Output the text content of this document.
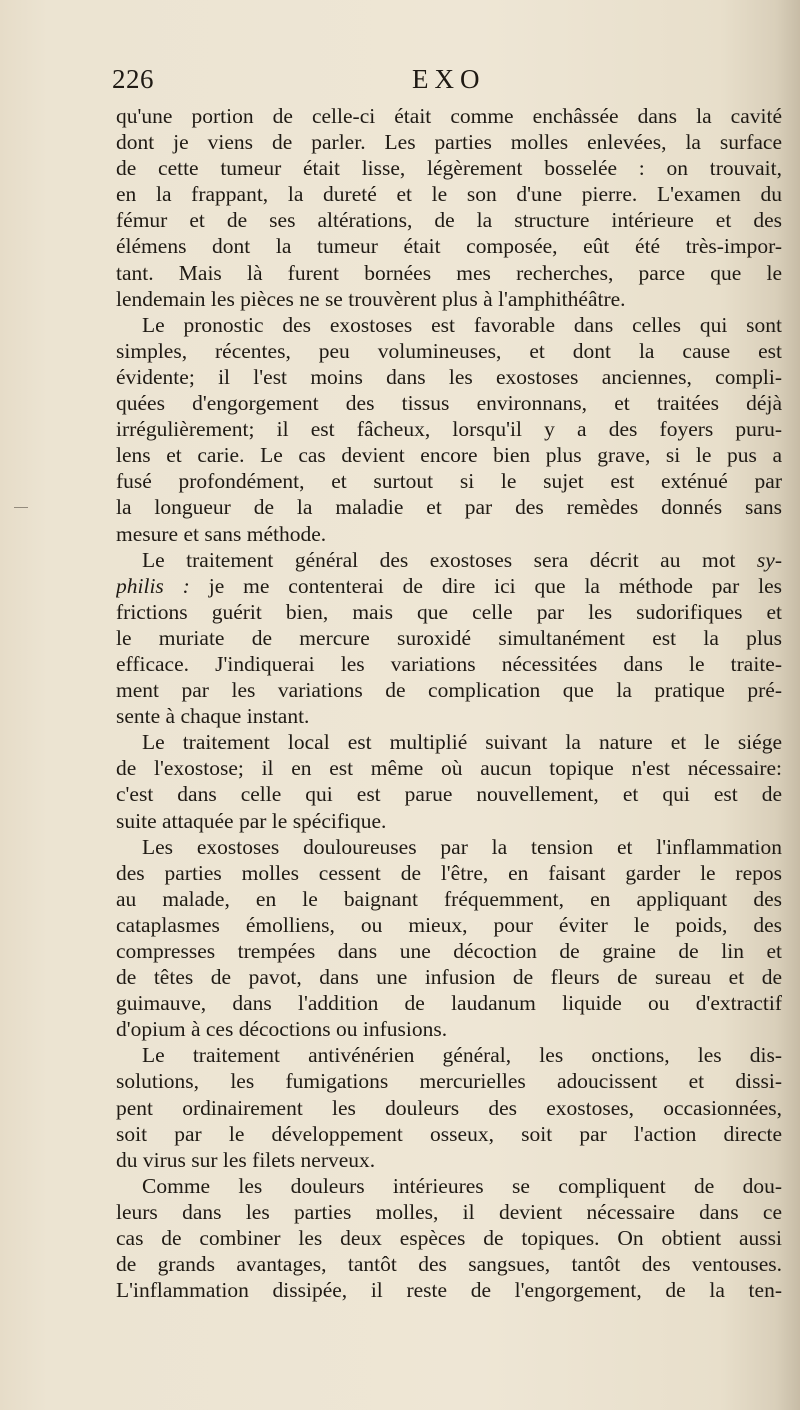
226	EXO
qu'une portion de celle-ci était comme enchâssée dans la cavité
dont je viens de parler. Les parties molles enlevées, la surface
de cette tumeur était lisse, légèrement bosselée : on trouvait,
en la frappant, la dureté et le son d'une pierre. L'examen du
fémur et de ses altérations, de la structure intérieure et des
élémens dont la tumeur était composée, eût été très-impor-
tant. Mais là furent bornées mes recherches, parce que le
lendemain les pièces ne se trouvèrent plus à l'amphithéâtre.
Le pronostic des exostoses est favorable dans celles qui sont
simples, récentes, peu volumineuses, et dont la cause est
évidente; il l'est moins dans les exostoses anciennes, compli-
quées d'engorgement des tissus environnans, et traitées déjà
irrégulièrement; il est fâcheux, lorsqu'il y a des foyers puru-
lens et carie. Le cas devient encore bien plus grave, si le pus a
fusé profondément, et surtout si le sujet est exténué par
la longueur de la maladie et par des remèdes donnés sans
mesure et sans méthode.
Le traitement général des exostoses sera décrit au mot sy-
philis : je me contenterai de dire ici que la méthode par les
frictions guérit bien, mais que celle par les sudorifiques et
le muriate de mercure suroxidé simultanément est la plus
efficace. J'indiquerai les variations nécessitées dans le traite-
ment par les variations de complication que la pratique pré-
sente à chaque instant.
Le traitement local est multiplié suivant la nature et le siége
de l'exostose; il en est même où aucun topique n'est nécessaire:
c'est dans celle qui est parue nouvellement, et qui est de
suite attaquée par le spécifique.
Les exostoses douloureuses par la tension et l'inflammation
des parties molles cessent de l'être, en faisant garder le repos
au malade, en le baignant fréquemment, en appliquant des
cataplasmes émolliens, ou mieux, pour éviter le poids, des
compresses trempées dans une décoction de graine de lin et
de têtes de pavot, dans une infusion de fleurs de sureau et de
guimauve, dans l'addition de laudanum liquide ou d'extractif
d'opium à ces décoctions ou infusions.
Le traitement antivénérien général, les onctions, les dis-
solutions, les fumigations mercurielles adoucissent et dissi-
pent ordinairement les douleurs des exostoses, occasionnées,
soit par le développement osseux, soit par l'action directe
du virus sur les filets nerveux.
Comme les douleurs intérieures se compliquent de dou-
leurs dans les parties molles, il devient nécessaire dans ce
cas de combiner les deux espèces de topiques. On obtient aussi
de grands avantages, tantôt des sangsues, tantôt des ventouses.
L'inflammation dissipée, il reste de l'engorgement, de la ten-
